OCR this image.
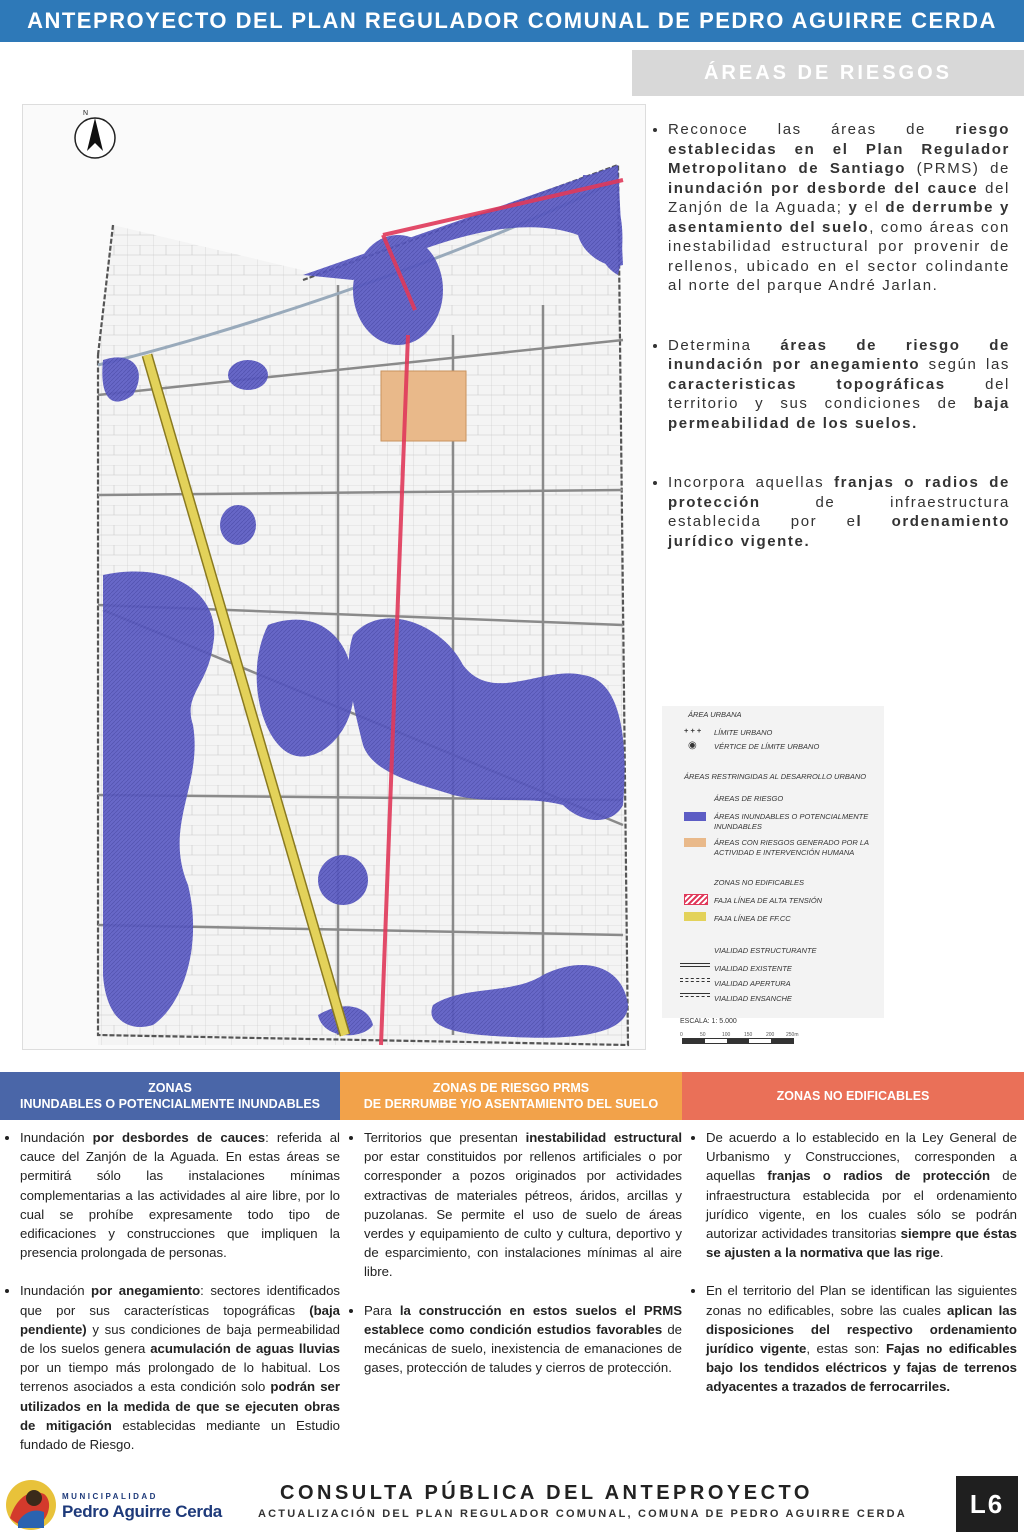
ANTEPROYECTO DEL PLAN REGULADOR COMUNAL DE PEDRO AGUIRRE CERDA
ÁREAS DE RIESGOS
N
• Reconoce las áreas de riesgo establecidas en el Plan Regulador Metropolitano de Santiago (PRMS) de inundación por desborde del cauce del Zanjón de la Aguada; y el de derrumbe y asentamiento del suelo, como áreas con inestabilidad estructural por provenir de rellenos, ubicado en el sector colindante al norte del parque André Jarlan.
• Determina áreas de riesgo de inundación por anegamiento según las caracteristicas topográficas del territorio y sus condiciones de baja permeabilidad de los suelos.
• Incorpora aquellas franjas o radios de protección de infraestructura establecida por el ordenamiento jurídico vigente.
ÁREA URBANA
+ + + LÍMITE URBANO
◉ VÉRTICE DE LÍMITE URBANO
ÁREAS RESTRINGIDAS AL DESARROLLO URBANO
ÁREAS DE RIESGO
ÁREAS INUNDABLES O POTENCIALMENTE
INUNDABLES
ÁREAS CON RIESGOS GENERADO POR LA
ACTIVIDAD E INTERVENCIÓN HUMANA
ZONAS NO EDIFICABLES
FAJA LÍNEA DE ALTA TENSIÓN
FAJA LÍNEA DE FF.CC
VIALIDAD ESTRUCTURANTE
VIALIDAD EXISTENTE
VIALIDAD APERTURA
VIALIDAD ENSANCHE
ESCALA: 1: 5.000
0	50	100	150	200 250m
ZONAS
INUNDABLES O POTENCIALMENTE INUNDABLES
ZONAS DE RIESGO PRMS
DE DERRUMBE Y/O ASENTAMIENTO DEL SUELO
ZONAS NO EDIFICABLES
• Inundación por desbordes de cauces: referida al cauce del Zanjón de la Aguada. En estas áreas se permitirá sólo las instalaciones mínimas complementarias a las actividades al aire libre, por lo cual se prohíbe expresamente todo tipo de edificaciones y construcciones que impliquen la presencia prolongada de personas.
• Inundación por anegamiento: sectores identificados que por sus características topográficas (baja pendiente) y sus condiciones de baja permeabilidad de los suelos genera acumulación de aguas lluvias por un tiempo más prolongado de lo habitual. Los terrenos asociados a esta condición solo podrán ser utilizados en la medida de que se ejecuten obras de mitigación establecidas mediante un Estudio fundado de Riesgo.
• Territorios que presentan inestabilidad estructural por estar constituidos por rellenos artificiales o por corresponder a pozos originados por actividades extractivas de materiales pétreos, áridos, arcillas y puzolanas. Se permite el uso de suelo de áreas verdes y equipamiento de culto y cultura, deportivo y de esparcimiento, con instalaciones mínimas al aire libre.
• Para la construcción en estos suelos el PRMS establece como condición estudios favorables de mecánicas de suelo, inexistencia de emanaciones de gases, protección de taludes y cierros de protección.
• De acuerdo a lo establecido en la Ley General de Urbanismo y Construcciones, corresponden a aquellas franjas o radios de protección de infraestructura establecida por el ordenamiento jurídico vigente, en los cuales sólo se podrán autorizar actividades transitorias siempre que éstas se ajusten a la normativa que las rige.
• En el territorio del Plan se identifican las siguientes zonas no edificables, sobre las cuales aplican las disposiciones del respectivo ordenamiento jurídico vigente, estas son: Fajas no edificables bajo los tendidos eléctricos y fajas de terrenos adyacentes a trazados de ferrocarriles.
MUNICIPALIDAD
Pedro Aguirre Cerda
CONSULTA PÚBLICA DEL ANTEPROYECTO
ACTUALIZACIÓN DEL PLAN REGULADOR COMUNAL, COMUNA DE PEDRO AGUIRRE CERDA	L6
